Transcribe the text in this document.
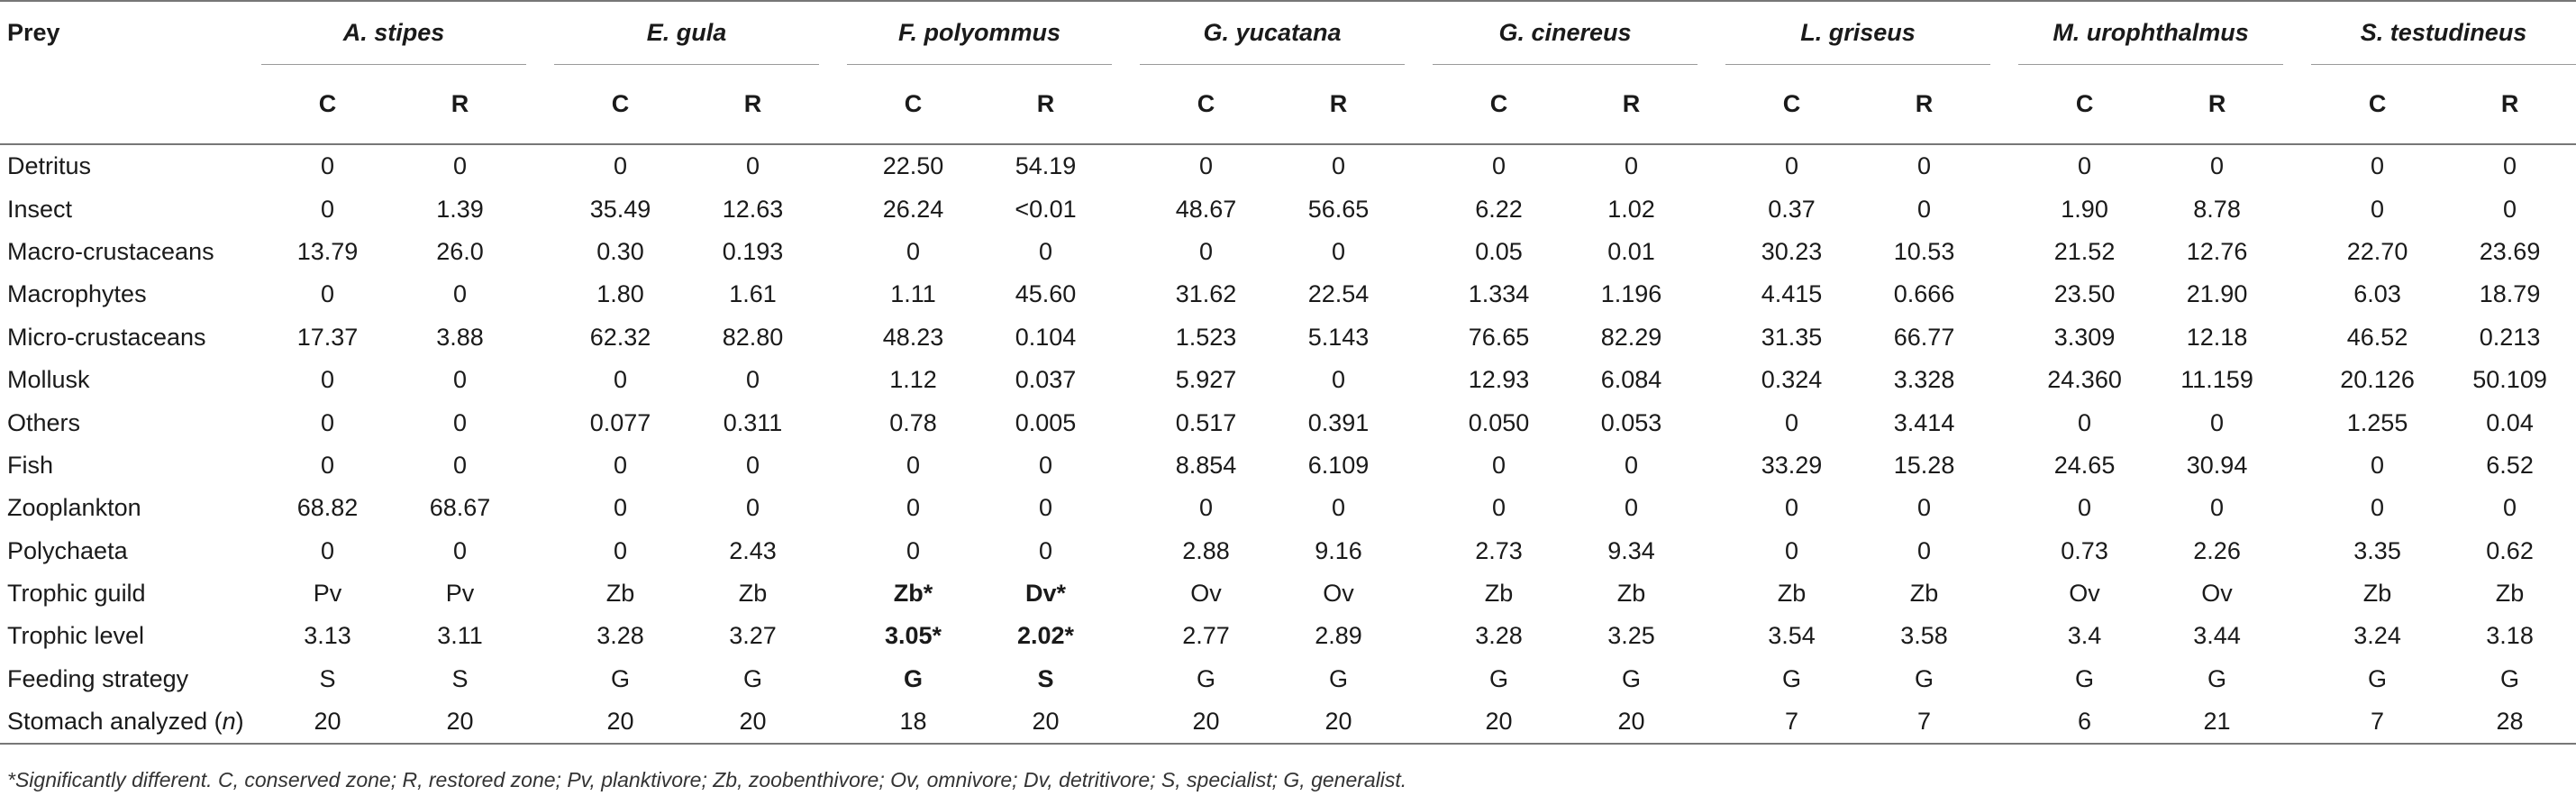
Prey	A. stipes			E. gula			F. polyommus			G. yucatana			G. cinereus			L. griseus			M. urophthalmus			S. testudineus	
	C	R		C	R		C	R		C	R		C	R		C	R		C	R		C	R
Detritus	0	0		0	0		22.50	54.19		0	0		0	0		0	0		0	0		0	0
Insect	0	1.39		35.49	12.63		26.24	<0.01		48.67	56.65		6.22	1.02		0.37	0		1.90	8.78		0	0
Macro-crustaceans	13.79	26.0		0.30	0.193		0	0		0	0		0.05	0.01		30.23	10.53		21.52	12.76		22.70	23.69
Macrophytes	0	0		1.80	1.61		1.11	45.60		31.62	22.54		1.334	1.196		4.415	0.666		23.50	21.90		6.03	18.79
Micro-crustaceans	17.37	3.88		62.32	82.80		48.23	0.104		1.523	5.143		76.65	82.29		31.35	66.77		3.309	12.18		46.52	0.213
Mollusk	0	0		0	0		1.12	0.037		5.927	0		12.93	6.084		0.324	3.328		24.360	11.159		20.126	50.109
Others	0	0		0.077	0.311		0.78	0.005		0.517	0.391		0.050	0.053		0	3.414		0	0		1.255	0.04
Fish	0	0		0	0		0	0		8.854	6.109		0	0		33.29	15.28		24.65	30.94		0	6.52
Zooplankton	68.82	68.67		0	0		0	0		0	0		0	0		0	0		0	0		0	0
Polychaeta	0	0		0	2.43		0	0		2.88	9.16		2.73	9.34		0	0		0.73	2.26		3.35	0.62
Trophic guild	Pv	Pv		Zb	Zb		Zb*	Dv*		Ov	Ov		Zb	Zb		Zb	Zb		Ov	Ov		Zb	Zb
Trophic level	3.13	3.11		3.28	3.27		3.05*	2.02*		2.77	2.89		3.28	3.25		3.54	3.58		3.4	3.44		3.24	3.18
Feeding strategy	S	S		G	G		G	S		G	G		G	G		G	G		G	G		G	G
Stomach analyzed (n)	20	20		20	20		18	20		20	20		20	20		7	7		6	21		7	28
*Significantly different. C, conserved zone; R, restored zone; Pv, planktivore; Zb, zoobenthivore; Ov, omnivore; Dv, detritivore; S, specialist; G, generalist.
